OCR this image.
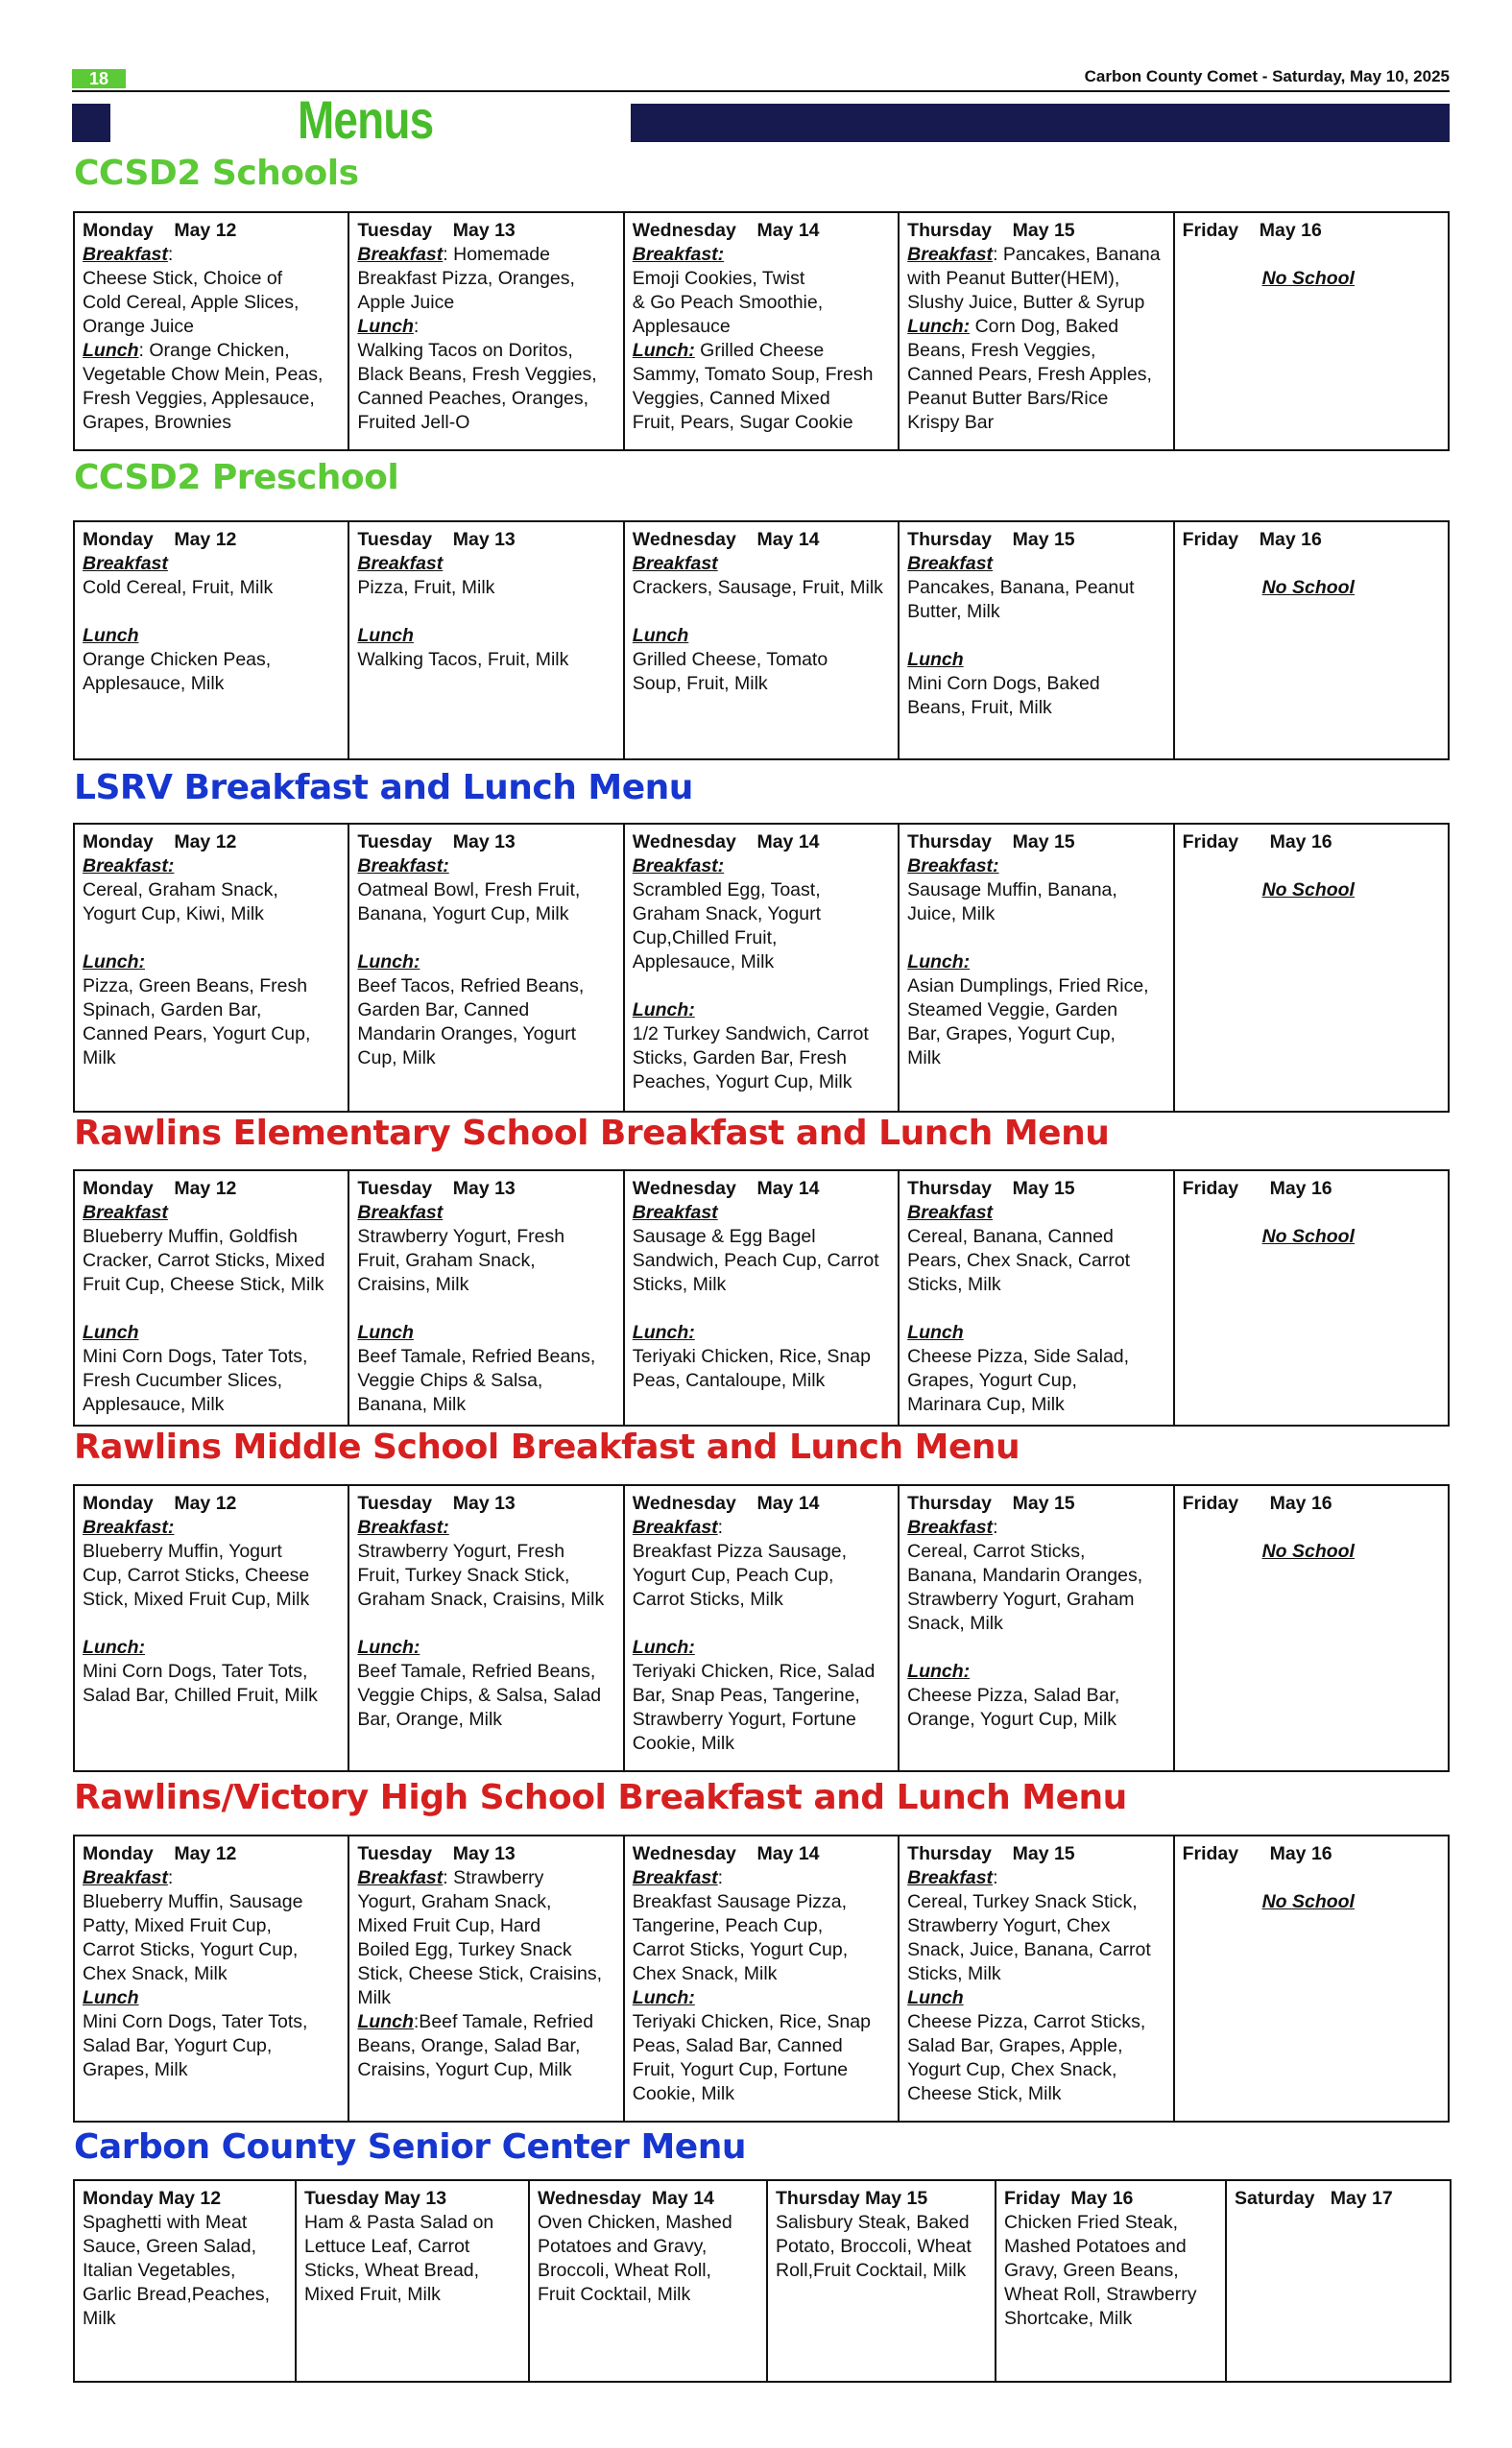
18	Carbon County Comet - Saturday, May 10, 2025
Menus
CCSD2 Schools
Monday    May 12
Breakfast:
Cheese Stick, Choice of
Cold Cereal, Apple Slices,
Orange Juice
Lunch: Orange Chicken,
Vegetable Chow Mein, Peas,
Fresh Veggies, Applesauce,
Grapes, Brownies

Tuesday    May 13
Breakfast: Homemade
Breakfast Pizza, Oranges,
Apple Juice
Lunch:
Walking Tacos on Doritos,
Black Beans, Fresh Veggies,
Canned Peaches, Oranges,
Fruited Jell-O

Wednesday    May 14
Breakfast:
Emoji Cookies, Twist
& Go Peach Smoothie,
Applesauce
Lunch: Grilled Cheese
Sammy, Tomato Soup, Fresh
Veggies, Canned Mixed
Fruit, Pears, Sugar Cookie

Thursday    May 15
Breakfast: Pancakes, Banana
with Peanut Butter(HEM),
Slushy Juice, Butter & Syrup
Lunch: Corn Dog, Baked
Beans, Fresh Veggies,
Canned Pears, Fresh Apples,
Peanut Butter Bars/Rice
Krispy Bar

Friday    May 16
No School
CCSD2 Preschool
Monday    May 12
Breakfast
Cold Cereal, Fruit, Milk
Lunch
Orange Chicken Peas,
Applesauce, Milk

Tuesday    May 13
Breakfast
Pizza, Fruit, Milk
Lunch
Walking Tacos, Fruit, Milk

Wednesday    May 14
Breakfast
Crackers, Sausage, Fruit, Milk
Lunch
Grilled Cheese, Tomato
Soup, Fruit, Milk

Thursday    May 15
Breakfast
Pancakes, Banana, Peanut
Butter, Milk
Lunch
Mini Corn Dogs, Baked
Beans, Fruit, Milk

Friday    May 16
No School
LSRV Breakfast and Lunch Menu
Monday    May 12
Breakfast:
Cereal, Graham Snack,
Yogurt Cup, Kiwi, Milk
Lunch:
Pizza, Green Beans, Fresh
Spinach, Garden Bar,
Canned Pears, Yogurt Cup,
Milk

Tuesday    May 13
Breakfast:
Oatmeal Bowl, Fresh Fruit,
Banana, Yogurt Cup, Milk
Lunch:
Beef Tacos, Refried Beans,
Garden Bar, Canned
Mandarin Oranges, Yogurt
Cup, Milk

Wednesday    May 14
Breakfast:
Scrambled Egg, Toast,
Graham Snack, Yogurt
Cup,Chilled Fruit,
Applesauce, Milk
Lunch:
1/2 Turkey Sandwich, Carrot
Sticks, Garden Bar, Fresh
Peaches, Yogurt Cup, Milk

Thursday    May 15
Breakfast:
Sausage Muffin, Banana,
Juice, Milk
Lunch:
Asian Dumplings, Fried Rice,
Steamed Veggie, Garden
Bar, Grapes, Yogurt Cup,
Milk

Friday      May 16
No School
Rawlins Elementary School Breakfast and Lunch Menu
Monday    May 12
Breakfast
Blueberry Muffin, Goldfish
Cracker, Carrot Sticks, Mixed
Fruit Cup, Cheese Stick, Milk
Lunch
Mini Corn Dogs, Tater Tots,
Fresh Cucumber Slices,
Applesauce, Milk

Tuesday    May 13
Breakfast
Strawberry Yogurt, Fresh
Fruit, Graham Snack,
Craisins, Milk
Lunch
Beef Tamale, Refried Beans,
Veggie Chips & Salsa,
Banana, Milk

Wednesday    May 14
Breakfast
Sausage & Egg Bagel
Sandwich, Peach Cup, Carrot
Sticks, Milk
Lunch:
Teriyaki Chicken, Rice, Snap
Peas, Cantaloupe, Milk

Thursday    May 15
Breakfast
Cereal, Banana, Canned
Pears, Chex Snack, Carrot
Sticks, Milk
Lunch
Cheese Pizza, Side Salad,
Grapes, Yogurt Cup,
Marinara Cup, Milk

Friday      May 16
No School
Rawlins Middle School Breakfast and Lunch Menu
Monday    May 12
Breakfast:
Blueberry Muffin, Yogurt
Cup, Carrot Sticks, Cheese
Stick, Mixed Fruit Cup, Milk
Lunch:
Mini Corn Dogs, Tater Tots,
Salad Bar, Chilled Fruit, Milk

Tuesday    May 13
Breakfast:
Strawberry Yogurt, Fresh
Fruit, Turkey Snack Stick,
Graham Snack, Craisins, Milk
Lunch:
Beef Tamale, Refried Beans,
Veggie Chips, & Salsa, Salad
Bar, Orange, Milk

Wednesday    May 14
Breakfast:
Breakfast Pizza Sausage,
Yogurt Cup, Peach Cup,
Carrot Sticks, Milk
Lunch:
Teriyaki Chicken, Rice, Salad
Bar, Snap Peas, Tangerine,
Strawberry Yogurt, Fortune
Cookie, Milk

Thursday    May 15
Breakfast:
Cereal, Carrot Sticks,
Banana, Mandarin Oranges,
Strawberry Yogurt, Graham
Snack, Milk
Lunch:
Cheese Pizza, Salad Bar,
Orange, Yogurt Cup, Milk

Friday      May 16
No School
Rawlins/Victory High School Breakfast and Lunch Menu
Monday    May 12
Breakfast:
Blueberry Muffin, Sausage
Patty, Mixed Fruit Cup,
Carrot Sticks, Yogurt Cup,
Chex Snack, Milk
Lunch
Mini Corn Dogs, Tater Tots,
Salad Bar, Yogurt Cup,
Grapes, Milk

Tuesday    May 13
Breakfast: Strawberry
Yogurt, Graham Snack,
Mixed Fruit Cup, Hard
Boiled Egg, Turkey Snack
Stick, Cheese Stick, Craisins,
Milk
Lunch:Beef Tamale, Refried
Beans, Orange, Salad Bar,
Craisins, Yogurt Cup, Milk

Wednesday    May 14
Breakfast:
Breakfast Sausage Pizza,
Tangerine, Peach Cup,
Carrot Sticks, Yogurt Cup,
Chex Snack, Milk
Lunch:
Teriyaki Chicken, Rice, Snap
Peas, Salad Bar, Canned
Fruit, Yogurt Cup, Fortune
Cookie, Milk

Thursday    May 15
Breakfast:
Cereal, Turkey Snack Stick,
Strawberry Yogurt, Chex
Snack, Juice, Banana, Carrot
Sticks, Milk
Lunch
Cheese Pizza, Carrot Sticks,
Salad Bar, Grapes, Apple,
Yogurt Cup, Chex Snack,
Cheese Stick, Milk

Friday      May 16
No School
Carbon County Senior Center Menu
Monday May 12
Spaghetti with Meat
Sauce, Green Salad,
Italian Vegetables,
Garlic Bread,Peaches,
Milk

Tuesday May 13
Ham & Pasta Salad on
Lettuce Leaf, Carrot
Sticks, Wheat Bread,
Mixed Fruit, Milk

Wednesday  May 14
Oven Chicken, Mashed
Potatoes and Gravy,
Broccoli, Wheat Roll,
Fruit Cocktail, Milk

Thursday May 15
Salisbury Steak, Baked
Potato, Broccoli, Wheat
Roll,Fruit Cocktail, Milk

Friday  May 16
Chicken Fried Steak,
Mashed Potatoes and
Gravy, Green Beans,
Wheat Roll, Strawberry
Shortcake, Milk

Saturday   May 17
